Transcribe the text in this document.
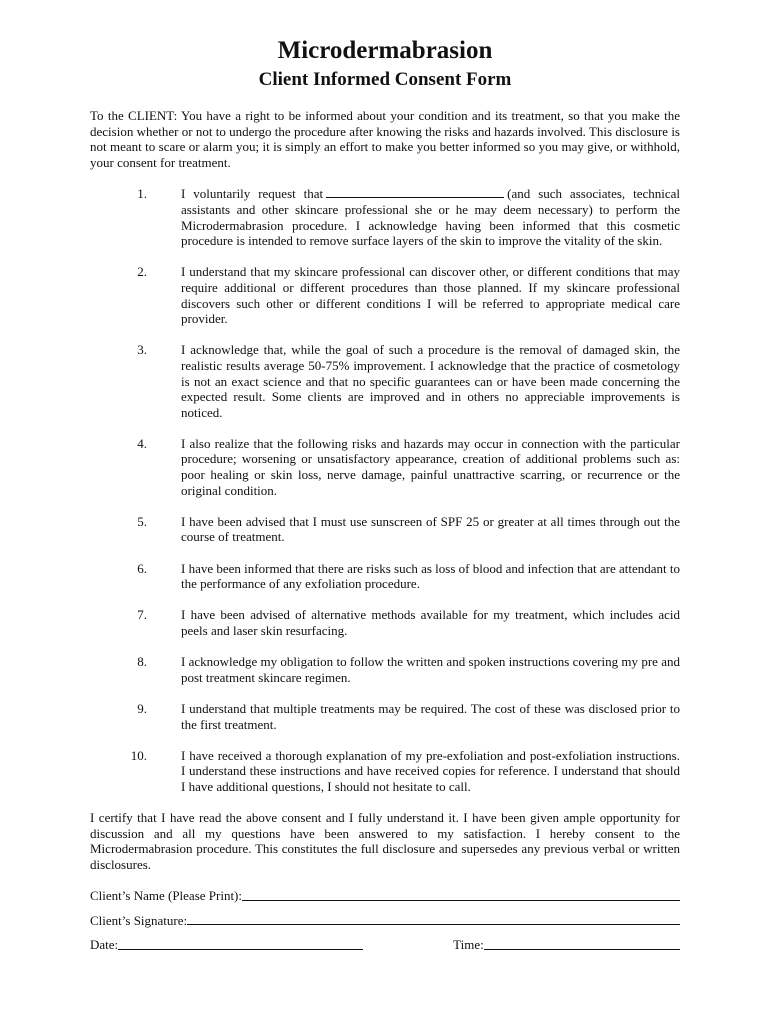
Microdermabrasion
Client Informed Consent Form

To the CLIENT: You have a right to be informed about your condition and its treatment, so that you make the decision whether or not to undergo the procedure after knowing the risks and hazards involved. This disclosure is not meant to scare or alarm you; it is simply an effort to make you better informed so you may give, or withhold, your consent for treatment.

1.	I voluntarily request that	(and such associates, technical assistants and other skincare professional she or he may deem necessary) to perform the Microdermabrasion procedure. I acknowledge having been informed that this cosmetic procedure is intended to remove surface layers of the skin to improve the vitality of the skin.
2.	I understand that my skincare professional can discover other, or different conditions that may require additional or different procedures than those planned. If my skincare professional discovers such other or different conditions I will be referred to appropriate medical care provider.
3.	I acknowledge that, while the goal of such a procedure is the removal of damaged skin, the realistic results average 50-75% improvement. I acknowledge that the practice of cosmetology is not an exact science and that no specific guarantees can or have been made concerning the expected result. Some clients are improved and in others no appreciable improvements is noticed.
4.	I also realize that the following risks and hazards may occur in connection with the particular procedure; worsening or unsatisfactory appearance, creation of additional problems such as: poor healing or skin loss, nerve damage, painful unattractive scarring, or recurrence or the original condition.
5.	I have been advised that I must use sunscreen of SPF 25 or greater at all times through out the course of treatment.
6.	I have been informed that there are risks such as loss of blood and infection that are attendant to the performance of any exfoliation procedure.
7.	I have been advised of alternative methods available for my treatment, which includes acid peels and laser skin resurfacing.
8.	I acknowledge my obligation to follow the written and spoken instructions covering my pre and post treatment skincare regimen.
9.	I understand that multiple treatments may be required. The cost of these was disclosed prior to the first treatment.
10.	I have received a thorough explanation of my pre-exfoliation and post-exfoliation instructions. I understand these instructions and have received copies for reference. I understand that should I have additional questions, I should not hesitate to call.

I certify that I have read the above consent and I fully understand it. I have been given ample opportunity for discussion and all my questions have been answered to my satisfaction. I hereby consent to the Microdermabrasion procedure. This constitutes the full disclosure and supersedes any previous verbal or written disclosures.

Client’s Name (Please Print):
Client’s Signature:
Date:	Time:
